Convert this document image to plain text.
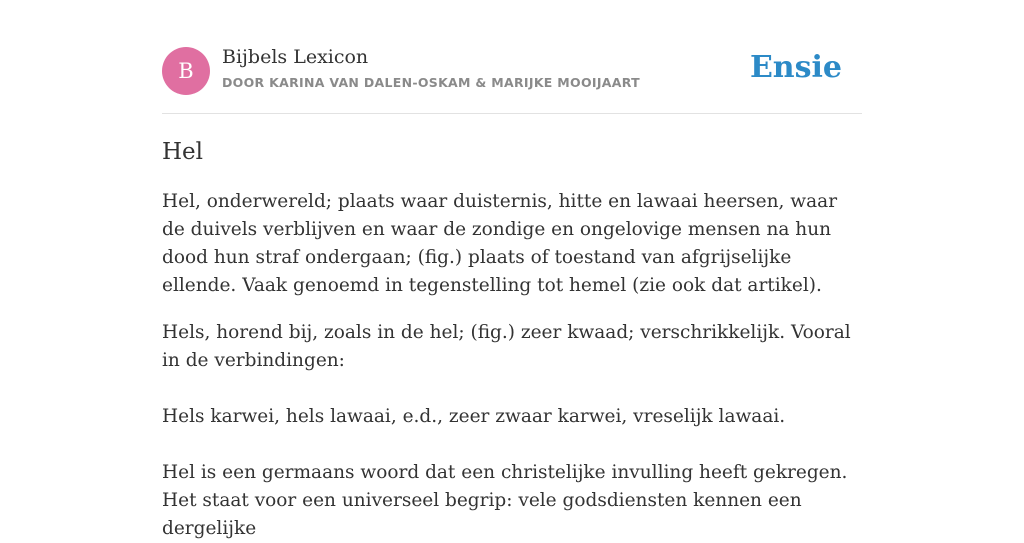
B
Bijbels Lexicon
DOOR KARINA VAN DALEN-OSKAM & MARIJKE MOOIJAART	Ensie
Hel

Hel, onderwereld; plaats waar duisternis, hitte en lawaai heersen, waar de duivels verblijven en waar de zondige en ongelovige mensen na hun dood hun straf ondergaan; (fig.) plaats of toestand van afgrijselijke ellende. Vaak genoemd in tegenstelling tot hemel (zie ook dat artikel).

Hels, horend bij, zoals in de hel; (fig.) zeer kwaad; verschrikkelijk. Vooral in de verbindingen:

Hels karwei, hels lawaai, e.d., zeer zwaar karwei, vreselijk lawaai.

Hel is een germaans woord dat een christelijke invulling heeft gekregen. Het staat voor een universeel begrip: vele godsdiensten kennen een dergelijke
